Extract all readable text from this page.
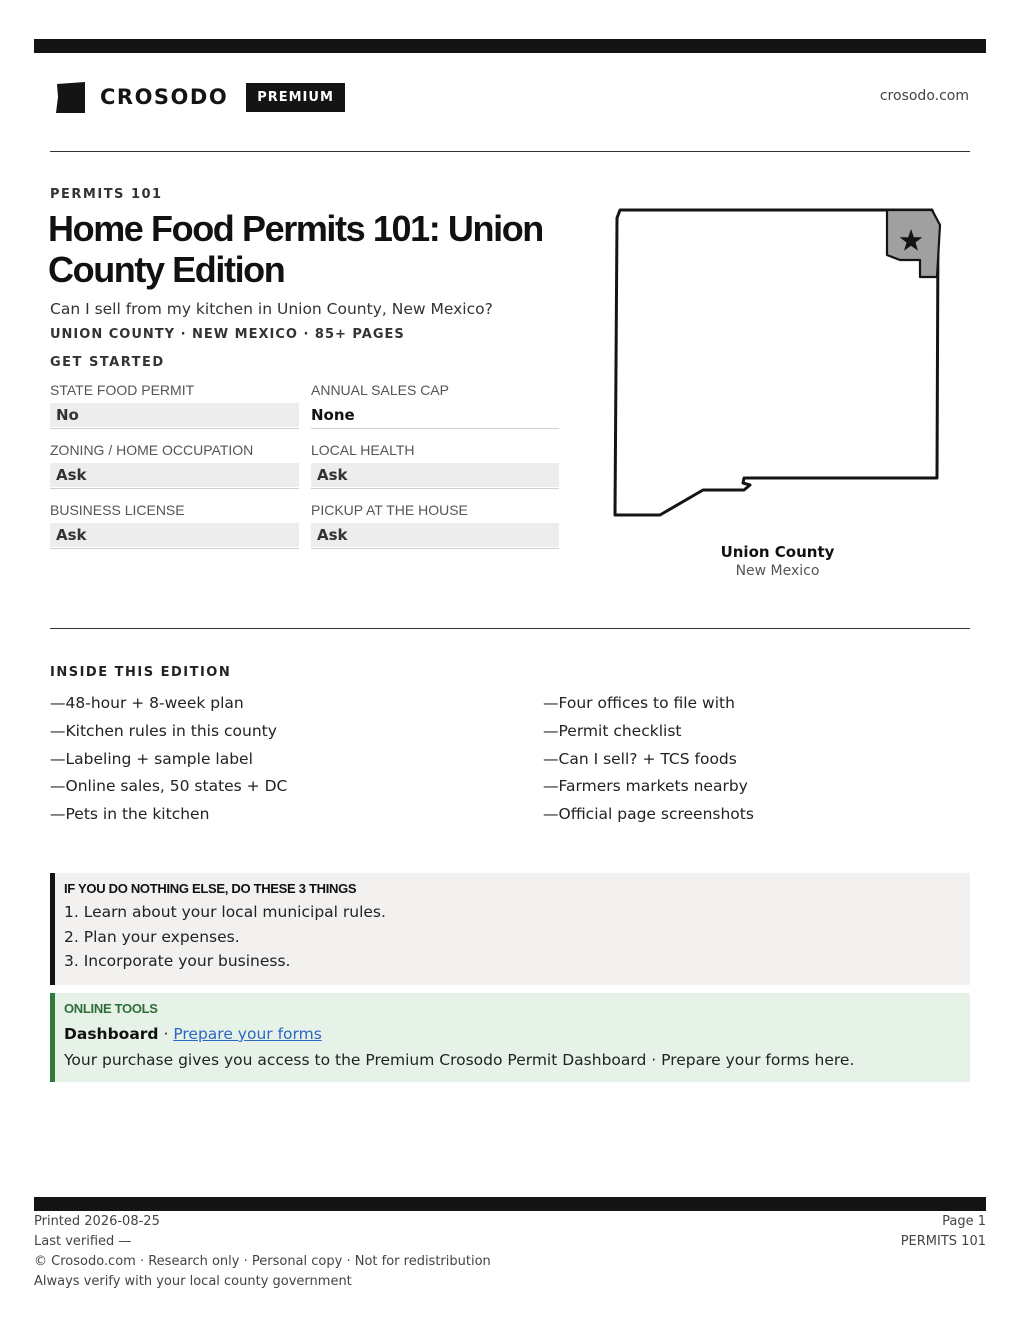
CROSODO	PREMIUM	crosodo.com
PERMITS 101
Home Food Permits 101: Union County Edition
Can I sell from my kitchen in Union County, New Mexico?
UNION COUNTY · NEW MEXICO · 85+ PAGES
GET STARTED
STATE FOOD PERMIT
No
ANNUAL SALES CAP
None
ZONING / HOME OCCUPATION
Ask
LOCAL HEALTH
Ask
BUSINESS LICENSE
Ask
PICKUP AT THE HOUSE
Ask
Union County
New Mexico
INSIDE THIS EDITION
—48-hour + 8-week plan
—Kitchen rules in this county
—Labeling + sample label
—Online sales, 50 states + DC
—Pets in the kitchen
—Four offices to file with
—Permit checklist
—Can I sell? + TCS foods
—Farmers markets nearby
—Official page screenshots
IF YOU DO NOTHING ELSE, DO THESE 3 THINGS
1. Learn about your local municipal rules.
2. Plan your expenses.
3. Incorporate your business.
ONLINE TOOLS
Dashboard · Prepare your forms
Your purchase gives you access to the Premium Crosodo Permit Dashboard · Prepare your forms here.
Printed 2026-08-25
Last verified —
© Crosodo.com · Research only · Personal copy · Not for redistribution
Always verify with your local county government
Page 1
PERMITS 101
